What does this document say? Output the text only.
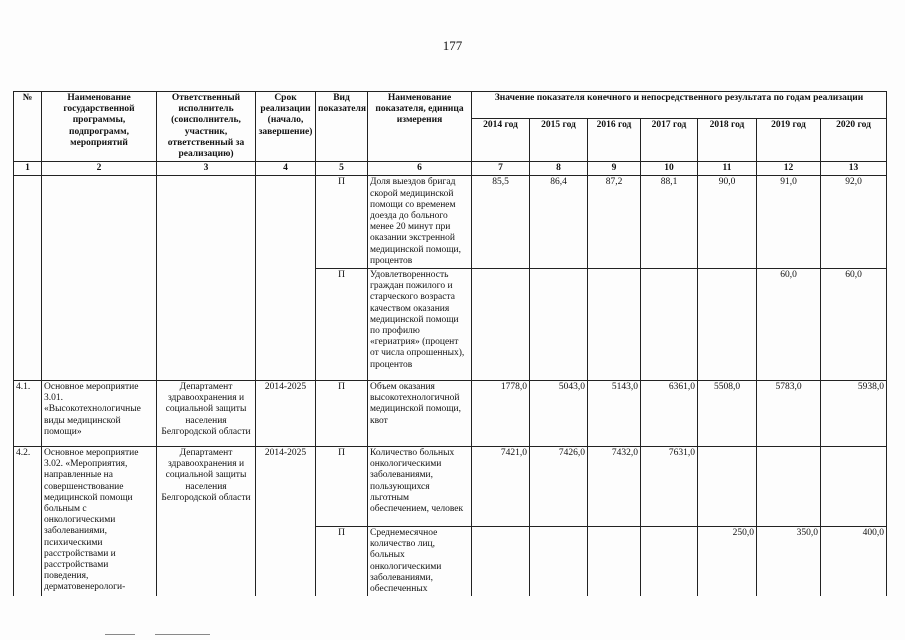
177
№	Наименование государственной программы, подпрограмм, мероприятий	Ответственный исполнитель (соисполнитель, участник, ответственный за реализацию)	Срок реализации (начало, завершение)	Вид показателя	Наименование показателя, единица измерения	Значение показателя конечного и непосредственного результата по годам реализации						
						2014 год	2015 год	2016 год	2017 год	2018 год	2019 год	2020 год
1	2	3	4	5	6	7	8	9	10	11	12	13
				П	Доля выездов бригад скорой медицинской помощи со временем доезда до больного менее 20 минут при оказании экстренной медицинской помощи, процентов	85,5	86,4	87,2	88,1	90,0	91,0	92,0
				П	Удовлетворенность граждан пожилого и старческого возраста качеством оказания медицинской помощи по профилю «гериатрия» (процент от числа опрошенных), процентов						60,0	60,0
4.1.	Основное мероприятие 3.01. «Высокотехнологичные виды медицинской помощи»	Департамент здравоохранения и социальной защиты населения Белгородской области	2014-2025	П	Объем оказания высокотехнологичной медицинской помощи, квот	1778,0	5043,0	5143,0	6361,0	5508,0	5783,0	5938,0
4.2.	Основное мероприятие 3.02. «Мероприятия, направленные на совершенствование медицинской помощи больным с онкологическими заболеваниями, психическими расстройствами и расстройствами поведения, дерматовенерологи-	Департамент здравоохранения и социальной защиты населения Белгородской области	2014-2025	П	Количество больных онкологическими заболеваниями, пользующихся льготным обеспечением, человек	7421,0	7426,0	7432,0	7631,0			
				П	Среднемесячное количество лиц, больных онкологическими заболеваниями, обеспеченных					250,0	350,0	400,0
